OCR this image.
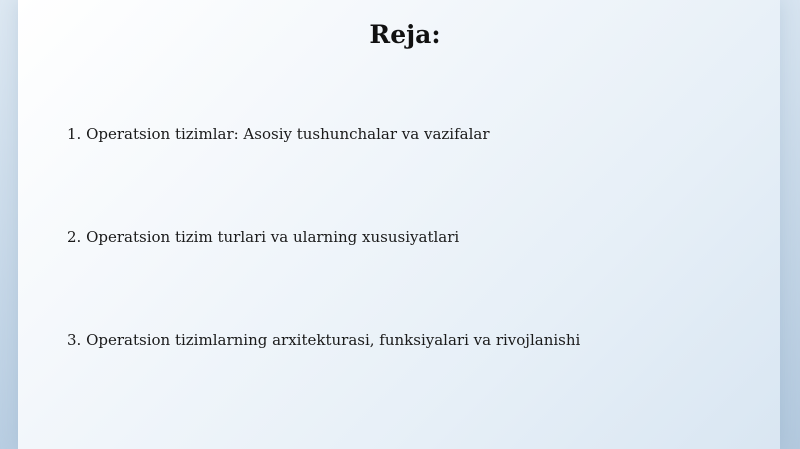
Reja:
1. Operatsion tizimlar: Asosiy tushunchalar va vazifalar
2. Operatsion tizim turlari va ularning xususiyatlari
3. Operatsion tizimlarning arxitekturasi, funksiyalari va rivojlanishi
